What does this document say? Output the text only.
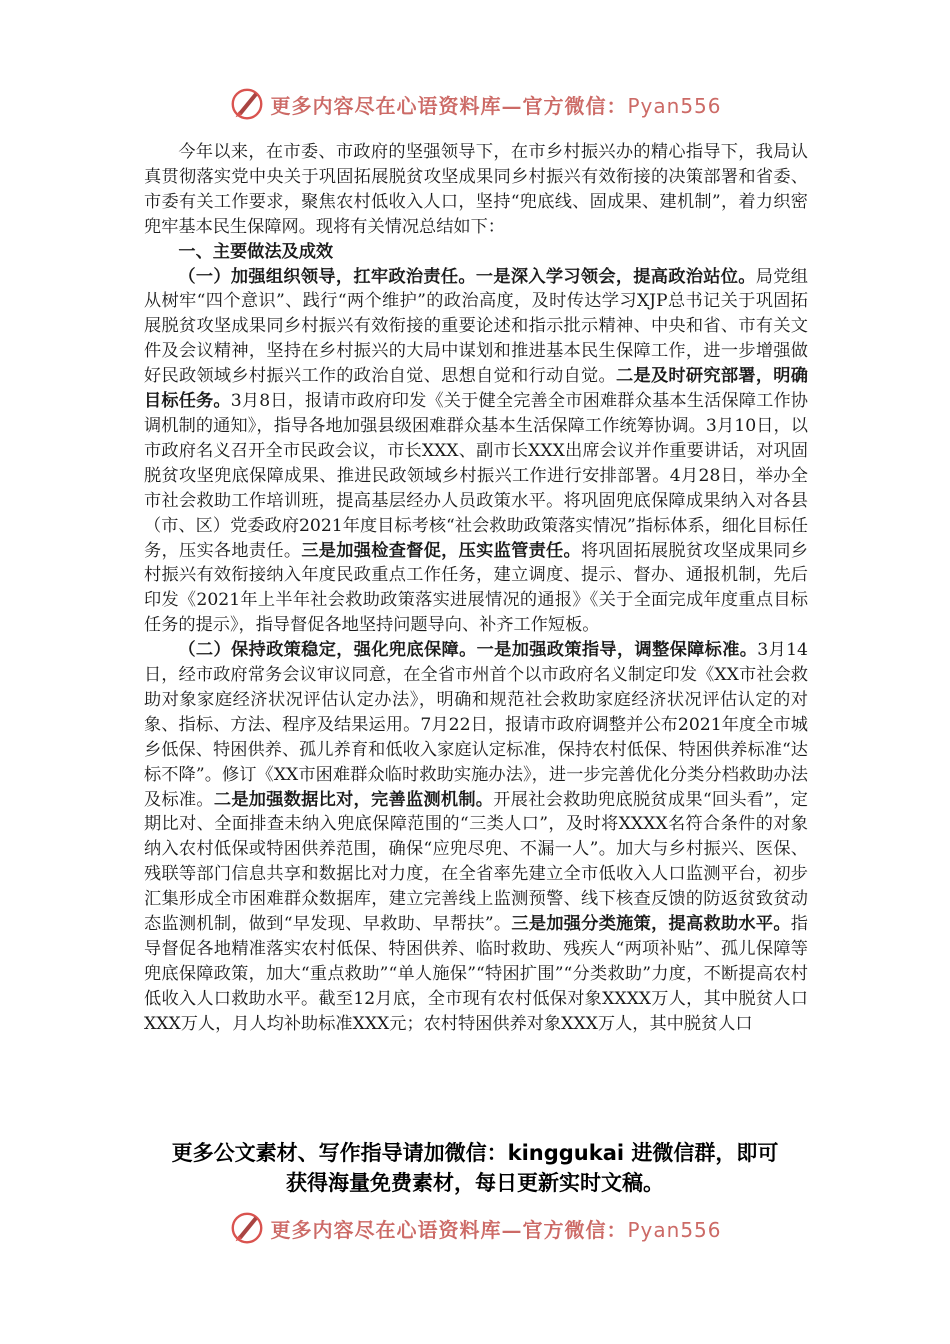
更多内容尽在心语资料库—官方微信：Pyan556

今年以来，在市委、市政府的坚强领导下，在市乡村振兴办的精心指导下，我局认真贯彻落实党中央关于巩固拓展脱贫攻坚成果同乡村振兴有效衔接的决策部署和省委、市委有关工作要求，聚焦农村低收入人口，坚持“兜底线、固成果、建机制”，着力织密兜牢基本民生保障网。现将有关情况总结如下：

一、主要做法及成效

（一）加强组织领导，扛牢政治责任。一是深入学习领会，提高政治站位。局党组从树牢“四个意识”、践行“两个维护”的政治高度，及时传达学习XJP总书记关于巩固拓展脱贫攻坚成果同乡村振兴有效衔接的重要论述和指示批示精神、中央和省、市有关文件及会议精神，坚持在乡村振兴的大局中谋划和推进基本民生保障工作，进一步增强做好民政领域乡村振兴工作的政治自觉、思想自觉和行动自觉。二是及时研究部署，明确目标任务。3月8日，报请市政府印发《关于健全完善全市困难群众基本生活保障工作协调机制的通知》，指导各地加强县级困难群众基本生活保障工作统筹协调。3月10日，以市政府名义召开全市民政会议，市长XXX、副市长XXX出席会议并作重要讲话，对巩固脱贫攻坚兜底保障成果、推进民政领域乡村振兴工作进行安排部署。4月28日，举办全市社会救助工作培训班，提高基层经办人员政策水平。将巩固兜底保障成果纳入对各县（市、区）党委政府2021年度目标考核“社会救助政策落实情况”指标体系，细化目标任务，压实各地责任。三是加强检查督促，压实监管责任。将巩固拓展脱贫攻坚成果同乡村振兴有效衔接纳入年度民政重点工作任务，建立调度、提示、督办、通报机制，先后印发《2021年上半年社会救助政策落实进展情况的通报》《关于全面完成年度重点目标任务的提示》，指导督促各地坚持问题导向、补齐工作短板。

（二）保持政策稳定，强化兜底保障。一是加强政策指导，调整保障标准。3月14日，经市政府常务会议审议同意，在全省市州首个以市政府名义制定印发《XX市社会救助对象家庭经济状况评估认定办法》，明确和规范社会救助家庭经济状况评估认定的对象、指标、方法、程序及结果运用。7月22日，报请市政府调整并公布2021年度全市城乡低保、特困供养、孤儿养育和低收入家庭认定标准，保持农村低保、特困供养标准“达标不降”。修订《XX市困难群众临时救助实施办法》，进一步完善优化分类分档救助办法及标准。二是加强数据比对，完善监测机制。开展社会救助兜底脱贫成果“回头看”，定期比对、全面排查未纳入兜底保障范围的“三类人口”，及时将XXXX名符合条件的对象纳入农村低保或特困供养范围，确保“应兜尽兜、不漏一人”。加大与乡村振兴、医保、残联等部门信息共享和数据比对力度，在全省率先建立全市低收入人口监测平台，初步汇集形成全市困难群众数据库，建立完善线上监测预警、线下核查反馈的防返贫致贫动态监测机制，做到“早发现、早救助、早帮扶”。三是加强分类施策，提高救助水平。指导督促各地精准落实农村低保、特困供养、临时救助、残疾人“两项补贴”、孤儿保障等兜底保障政策，加大“重点救助”“单人施保”“特困扩围”“分类救助”力度，不断提高农村低收入人口救助水平。截至12月底，全市现有农村低保对象XXXX万人，其中脱贫人口XXX万人，月人均补助标准XXX元；农村特困供养对象XXX万人，其中脱贫人口

更多公文素材、写作指导请加微信：kinggukai 进微信群，即可
获得海量免费素材，每日更新实时文稿。
更多内容尽在心语资料库—官方微信：Pyan556
